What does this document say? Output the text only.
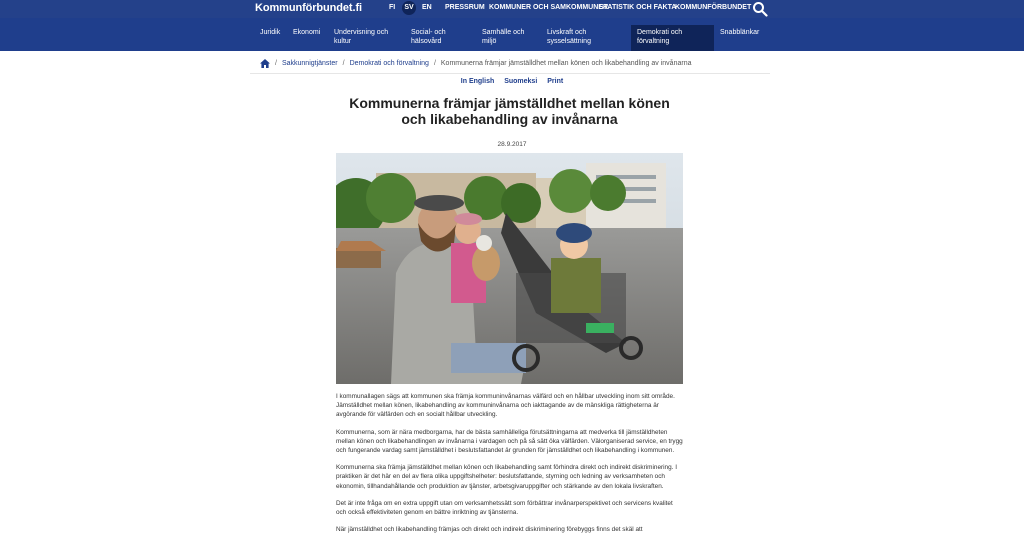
Kommunförbundet.fi	FI	SV	EN PRESSRUM KOMMUNER OCH SAMKOMMUNER
STATISTIK OCH FAKTA
KOMMUNFÖRBUNDET
Juridik Ekonomi Undervisning och
kultur
Social- och
hälsovård
Samhälle och
miljö
Livskraft och
sysselsättning
Demokrati och
förvaltning
Snabblänkar
/ Sakkunnigtjänster / Demokrati och förvaltning / Kommunerna främjar jämställdhet mellan könen och likabehandling av invånarna
In English Suomeksi Print
Kommunerna främjar jämställdhet mellan könen och likabehandling av invånarna
28.9.2017

I kommunallagen sägs att kommunen ska främja kommuninvånarnas välfärd och en hållbar utveckling inom sitt område. Jämställdhet mellan könen, likabehandling av kommuninvånarna och iakttagande av de mänskliga rättigheterna är avgörande för välfärden och en socialt hållbar utveckling.

Kommunerna, som är nära medborgarna, har de bästa samhälleliga förutsättningarna att medverka till jämställdheten mellan könen och likabehandlingen av invånarna i vardagen och på så sätt öka välfärden. Välorganiserad service, en trygg och fungerande vardag samt jämställdhet i beslutsfattandet är grunden för jämställdhet och likabehandling i kommunen.

Kommunerna ska främja jämställdhet mellan könen och likabehandling samt förhindra direkt och indirekt diskriminering. I praktiken är det här en del av flera olika uppgiftshelheter: beslutsfattande, styrning och ledning av verksamheten och ekonomin, tillhandahållande och produktion av tjänster, arbetsgivaruppgifter och stärkande av den lokala livskraften.

Det är inte fråga om en extra uppgift utan om verksamhetssätt som förbättrar invånarperspektivet och servicens kvalitet och också effektiviteten genom en bättre inriktning av tjänsterna.

När jämställdhet och likabehandling främjas och direkt och indirekt diskriminering förebyggs finns det skäl att
